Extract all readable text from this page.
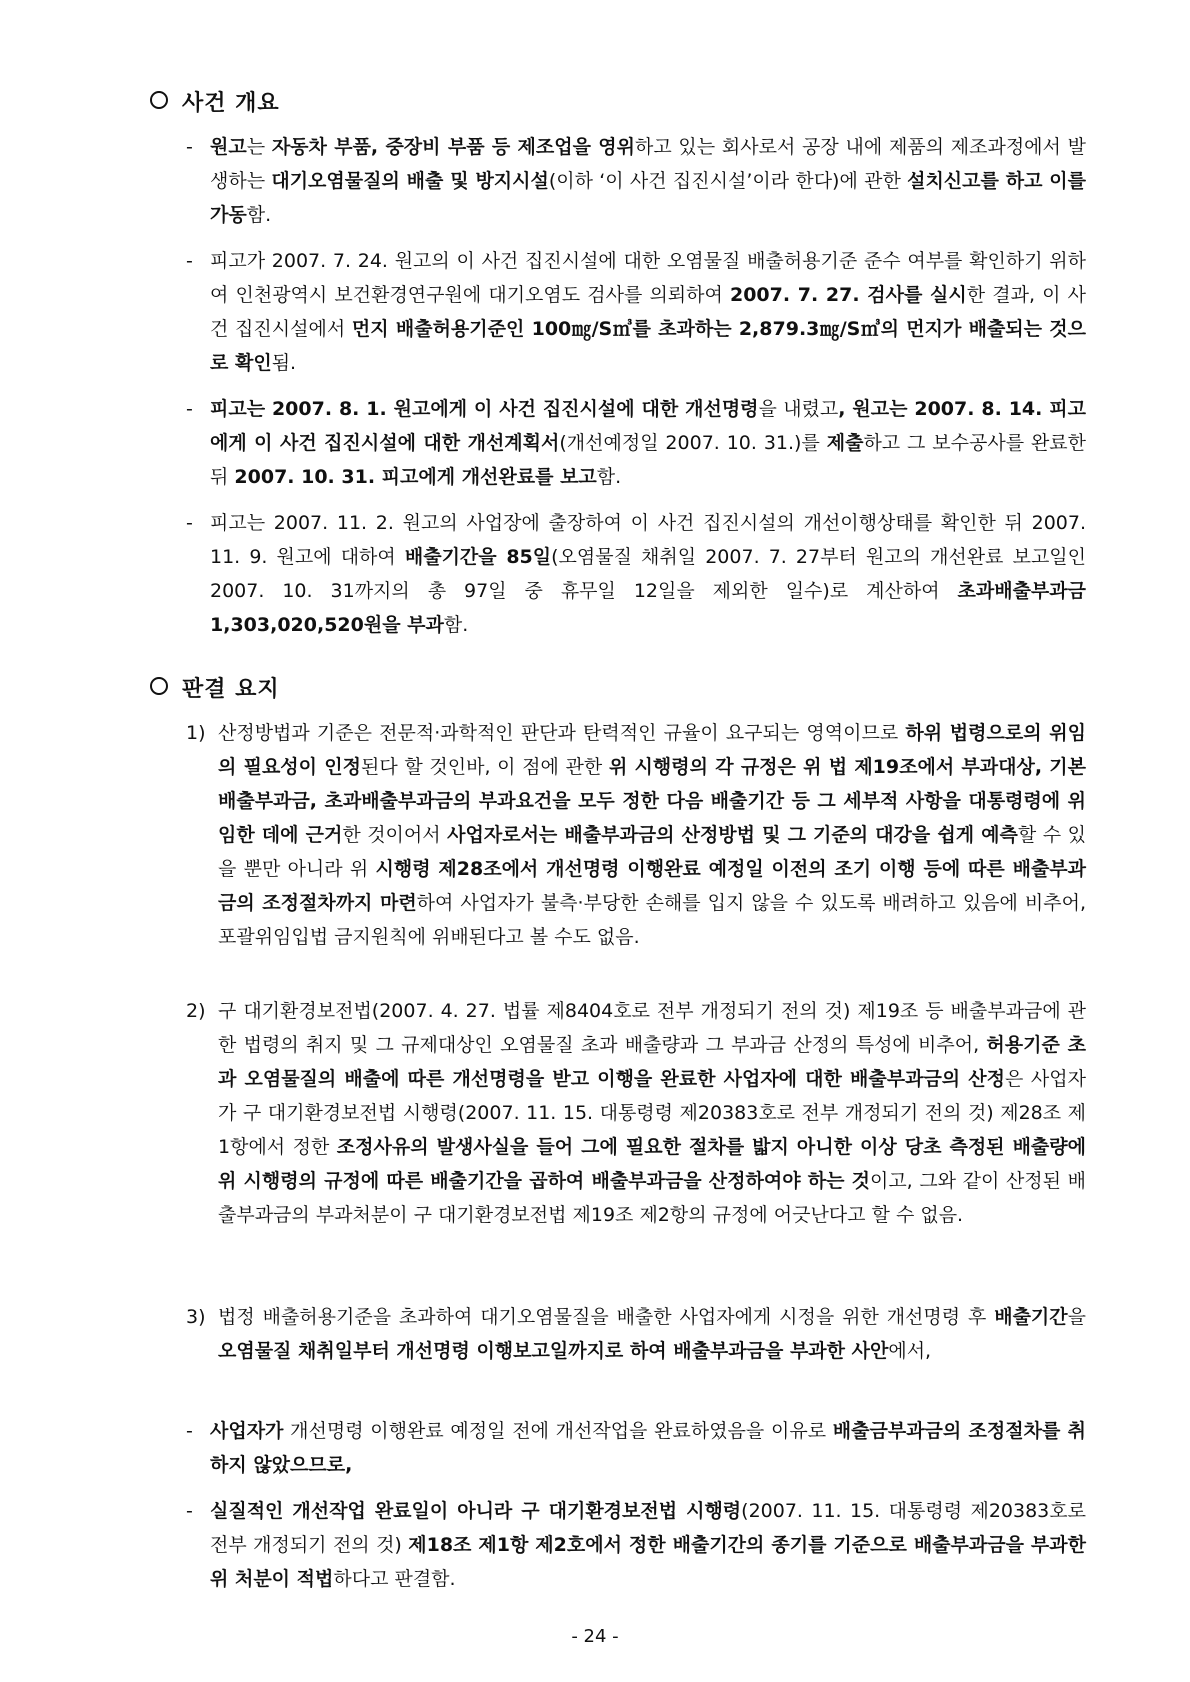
사건 개요
- 원고는 자동차 부품, 중장비 부품 등 제조업을 영위하고 있는 회사로서 공장 내에 제품의 제조과정에서 발생하는 대기오염물질의 배출 및 방지시설(이하 ‘이 사건 집진시설’이라 한다)에 관한 설치신고를 하고 이를 가동함.
- 피고가 2007. 7. 24. 원고의 이 사건 집진시설에 대한 오염물질 배출허용기준 준수 여부를 확인하기 위하여 인천광역시 보건환경연구원에 대기오염도 검사를 의뢰하여 2007. 7. 27. 검사를 실시한 결과, 이 사건 집진시설에서 먼지 배출허용기준인 100㎎/S㎥를 초과하는 2,879.3㎎/S㎥의 먼지가 배출되는 것으로 확인됨.
- 피고는 2007. 8. 1. 원고에게 이 사건 집진시설에 대한 개선명령을 내렸고, 원고는 2007. 8. 14. 피고에게 이 사건 집진시설에 대한 개선계획서(개선예정일 2007. 10. 31.)를 제출하고 그 보수공사를 완료한 뒤 2007. 10. 31. 피고에게 개선완료를 보고함.
- 피고는 2007. 11. 2. 원고의 사업장에 출장하여 이 사건 집진시설의 개선이행상태를 확인한 뒤 2007. 11. 9. 원고에 대하여 배출기간을 85일(오염물질 채취일 2007. 7. 27부터 원고의 개선완료 보고일인 2007. 10. 31까지의 총 97일 중 휴무일 12일을 제외한 일수)로 계산하여 초과배출부과금 1,303,020,520원을 부과함.
판결 요지
1) 산정방법과 기준은 전문적·과학적인 판단과 탄력적인 규율이 요구되는 영역이므로 하위 법령으로의 위임의 필요성이 인정된다 할 것인바, 이 점에 관한 위 시행령의 각 규정은 위 법 제19조에서 부과대상, 기본배출부과금, 초과배출부과금의 부과요건을 모두 정한 다음 배출기간 등 그 세부적 사항을 대통령령에 위임한 데에 근거한 것이어서 사업자로서는 배출부과금의 산정방법 및 그 기준의 대강을 쉽게 예측할 수 있을 뿐만 아니라 위 시행령 제28조에서 개선명령 이행완료 예정일 이전의 조기 이행 등에 따른 배출부과금의 조정절차까지 마련하여 사업자가 불측·부당한 손해를 입지 않을 수 있도록 배려하고 있음에 비추어, 포괄위임입법 금지원칙에 위배된다고 볼 수도 없음.
2) 구 대기환경보전법(2007. 4. 27. 법률 제8404호로 전부 개정되기 전의 것) 제19조 등 배출부과금에 관한 법령의 취지 및 그 규제대상인 오염물질 초과 배출량과 그 부과금 산정의 특성에 비추어, 허용기준 초과 오염물질의 배출에 따른 개선명령을 받고 이행을 완료한 사업자에 대한 배출부과금의 산정은 사업자가 구 대기환경보전법 시행령(2007. 11. 15. 대통령령 제20383호로 전부 개정되기 전의 것) 제28조 제1항에서 정한 조정사유의 발생사실을 들어 그에 필요한 절차를 밟지 아니한 이상 당초 측정된 배출량에 위 시행령의 규정에 따른 배출기간을 곱하여 배출부과금을 산정하여야 하는 것이고, 그와 같이 산정된 배출부과금의 부과처분이 구 대기환경보전법 제19조 제2항의 규정에 어긋난다고 할 수 없음.
3) 법정 배출허용기준을 초과하여 대기오염물질을 배출한 사업자에게 시정을 위한 개선명령 후 배출기간을 오염물질 채취일부터 개선명령 이행보고일까지로 하여 배출부과금을 부과한 사안에서,
- 사업자가 개선명령 이행완료 예정일 전에 개선작업을 완료하였음을 이유로 배출금부과금의 조정절차를 취하지 않았으므로,
- 실질적인 개선작업 완료일이 아니라 구 대기환경보전법 시행령(2007. 11. 15. 대통령령 제20383호로 전부 개정되기 전의 것) 제18조 제1항 제2호에서 정한 배출기간의 종기를 기준으로 배출부과금을 부과한 위 처분이 적법하다고 판결함.
- 24 -
